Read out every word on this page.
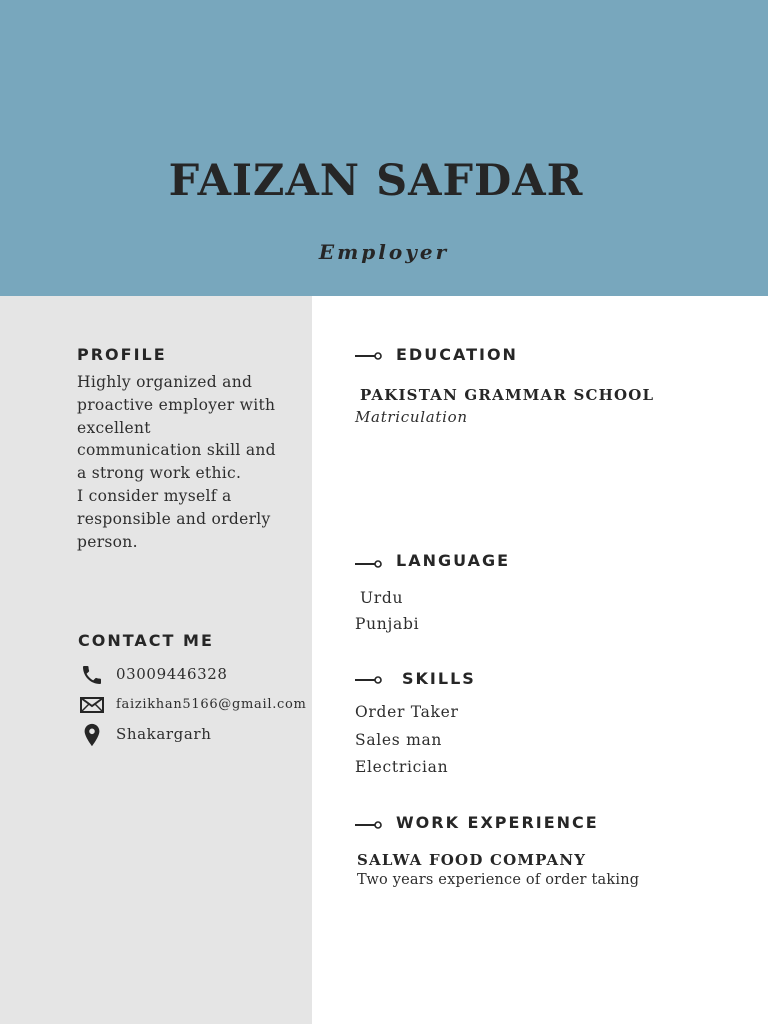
FAIZAN SAFDAR
Employer
PROFILE
Highly organized and
proactive employer with
excellent
communication skill and
a strong work ethic.
I consider myself a
responsible and orderly
person.
CONTACT ME
03009446328
faizikhan5166@gmail.com
Shakargarh
EDUCATION
PAKISTAN GRAMMAR SCHOOL
Matriculation
LANGUAGE
Urdu
Punjabi
SKILLS
Order Taker
Sales man
Electrician
WORK EXPERIENCE
SALWA FOOD COMPANY
Two years experience of order taking
